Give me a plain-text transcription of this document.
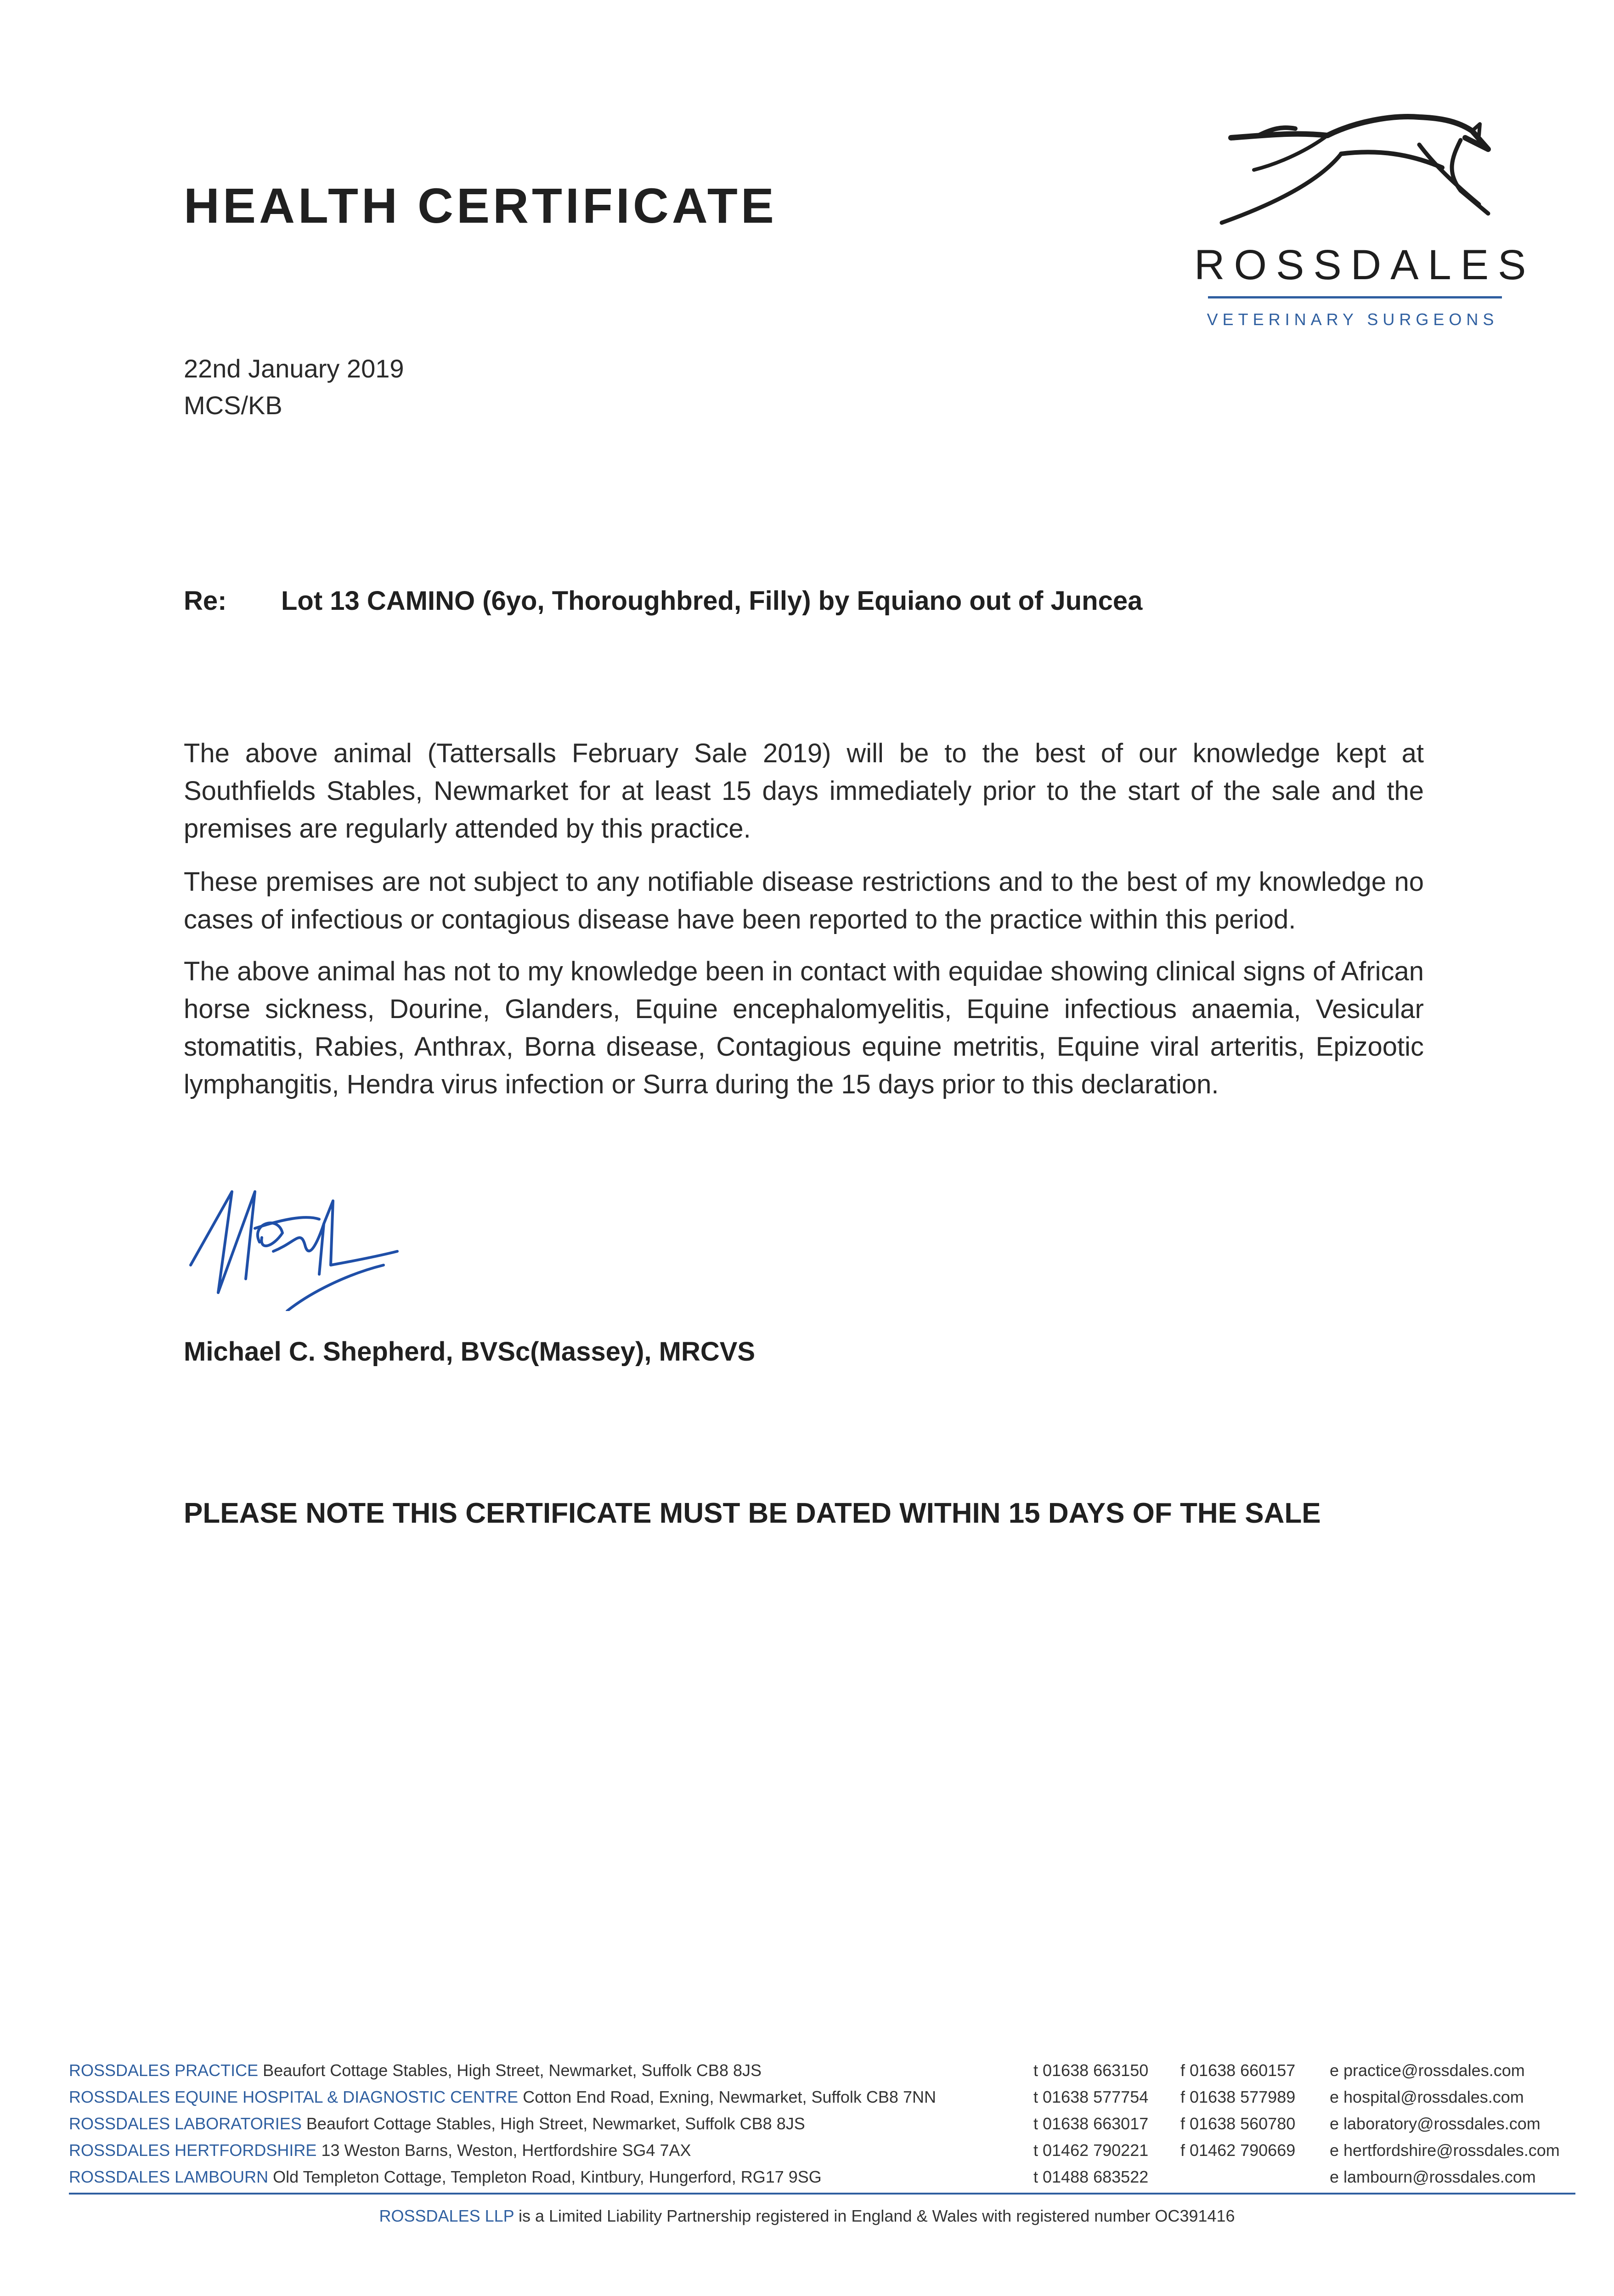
HEALTH CERTIFICATE
ROSSDALES
VETERINARY SURGEONS
22nd January 2019
MCS/KB
Re: Lot 13 CAMINO (6yo, Thoroughbred, Filly) by Equiano out of Juncea

The above animal (Tattersalls February Sale 2019) will be to the best of our knowledge kept at Southfields Stables, Newmarket for at least 15 days immediately prior to the start of the sale and the premises are regularly attended by this practice.

These premises are not subject to any notifiable disease restrictions and to the best of my knowledge no cases of infectious or contagious disease have been reported to the practice within this period.

The above animal has not to my knowledge been in contact with equidae showing clinical signs of African horse sickness, Dourine, Glanders, Equine encephalomyelitis, Equine infectious anaemia, Vesicular stomatitis, Rabies, Anthrax, Borna disease, Contagious equine metritis, Equine viral arteritis, Epizootic lymphangitis, Hendra virus infection or Surra during the 15 days prior to this declaration.

Michael C. Shepherd, BVSc(Massey), MRCVS
PLEASE NOTE THIS CERTIFICATE MUST BE DATED WITHIN 15 DAYS OF THE SALE
ROSSDALES PRACTICE Beaufort Cottage Stables, High Street, Newmarket, Suffolk CB8 8JS	t 01638 663150 f 01638 660157 e practice@rossdales.com
ROSSDALES EQUINE HOSPITAL & DIAGNOSTIC CENTRE Cotton End Road, Exning, Newmarket, Suffolk CB8 7NN	t 01638 577754 f 01638 577989 e hospital@rossdales.com
ROSSDALES LABORATORIES Beaufort Cottage Stables, High Street, Newmarket, Suffolk CB8 8JS	t 01638 663017 f 01638 560780 e laboratory@rossdales.com
ROSSDALES HERTFORDSHIRE 13 Weston Barns, Weston, Hertfordshire SG4 7AX	t 01462 790221 f 01462 790669 e hertfordshire@rossdales.com
ROSSDALES LAMBOURN Old Templeton Cottage, Templeton Road, Kintbury, Hungerford, RG17 9SG	t 01488 683522	e lambourn@rossdales.com
ROSSDALES LLP is a Limited Liability Partnership registered in England & Wales with registered number OC391416
